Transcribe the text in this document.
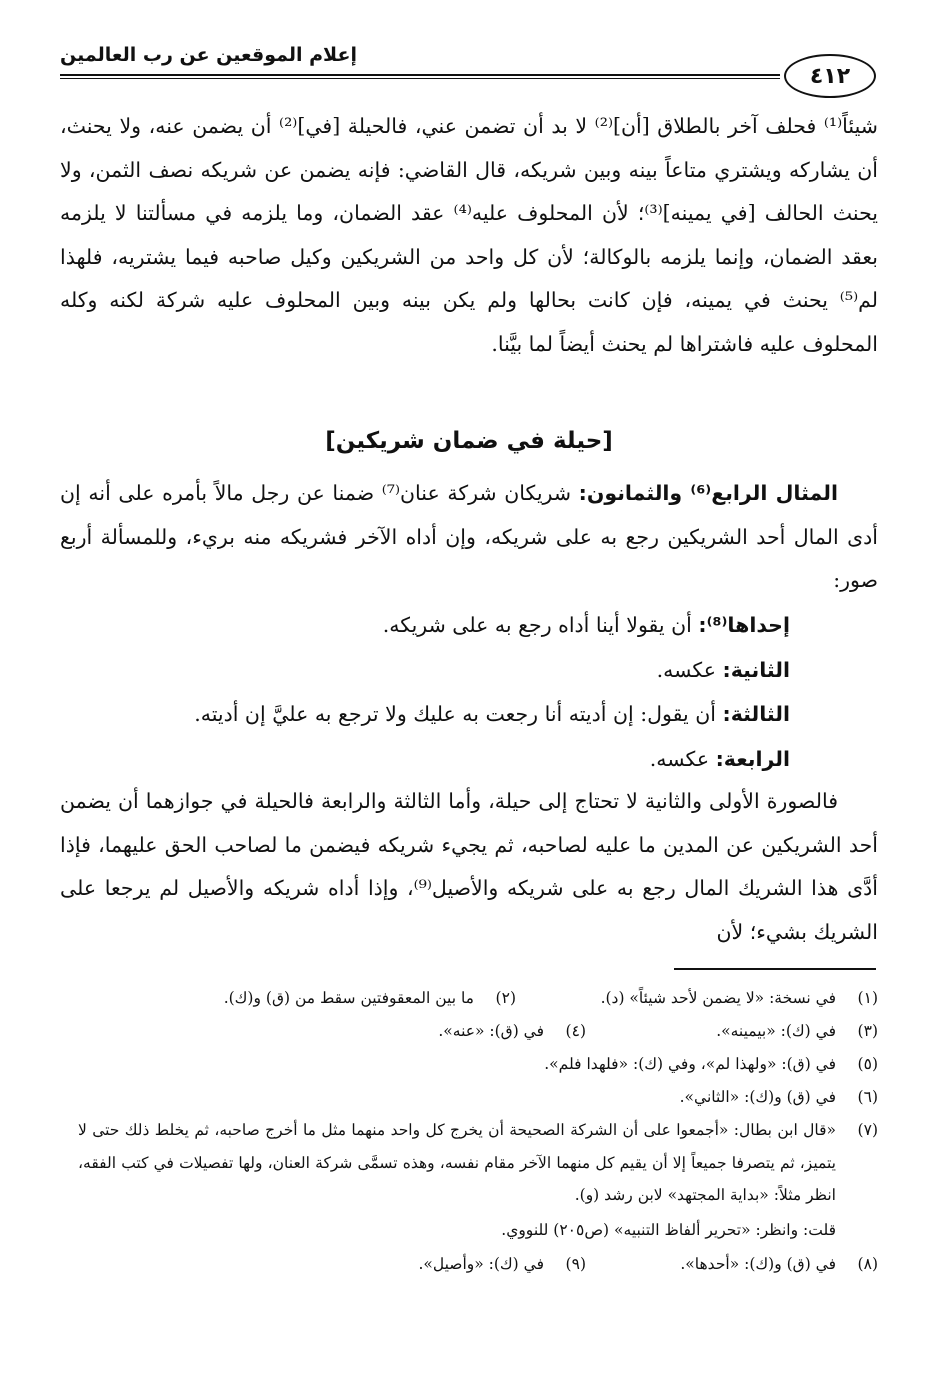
إعلام الموقعين عن رب العالمين
٤١٢
شيئاً⁽¹⁾ فحلف آخر بالطلاق [أن]⁽²⁾ لا بد أن تضمن عني، فالحيلة [في]⁽²⁾ أن يضمن عنه، ولا يحنث، أن يشاركه ويشتري متاعاً بينه وبين شريكه، قال القاضي: فإنه يضمن عن شريكه نصف الثمن، ولا يحنث الحالف [في يمينه]⁽³⁾؛ لأن المحلوف عليه⁽⁴⁾ عقد الضمان، وما يلزمه في مسألتنا لا يلزمه بعقد الضمان، وإنما يلزمه بالوكالة؛ لأن كل واحد من الشريكين وكيل صاحبه فيما يشتريه، فلهذا لم⁽⁵⁾ يحنث في يمينه، فإن كانت بحالها ولم يكن بينه وبين المحلوف عليه شركة لكنه وكله المحلوف عليه فاشتراها لم يحنث أيضاً لما بيَّنا.
[حيلة في ضمان شريكين]
المثال الرابع⁽⁶⁾ والثمانون: شريكان شركة عنان⁽⁷⁾ ضمنا عن رجل مالاً بأمره على أنه إن أدى المال أحد الشريكين رجع به على شريكه، وإن أداه الآخر فشريكه منه بريء، وللمسألة أربع صور:
إحداها⁽⁸⁾: أن يقولا أينا أداه رجع به على شريكه.
الثانية: عكسه.
الثالثة: أن يقول: إن أديته أنا رجعت به عليك ولا ترجع به عليَّ إن أديته.
الرابعة: عكسه.
فالصورة الأولى والثانية لا تحتاج إلى حيلة، وأما الثالثة والرابعة فالحيلة في جوازهما أن يضمن أحد الشريكين عن المدين ما عليه لصاحبه، ثم يجيء شريكه فيضمن ما لصاحب الحق عليهما، فإذا أدَّى هذا الشريك المال رجع به على شريكه والأصيل⁽⁹⁾، وإذا أداه شريكه والأصيل لم يرجعا على الشريك بشيء؛ لأن
(١)
في نسخة: «لا يضمن لأحد شيئاً» (د).
(٢)
ما بين المعقوفتين سقط من (ق) و(ك).
(٣)
في (ك): «بيمينه».
(٤)
في (ق): «عنه».
(٥)
في (ق): «ولهذا لم»، وفي (ك): «فلهدا فلم».
(٦)
في (ق) و(ك): «الثاني».
(٧)
«قال ابن بطال: «أجمعوا على أن الشركة الصحيحة أن يخرج كل واحد منهما مثل ما أخرج صاحبه، ثم يخلط ذلك حتى لا يتميز، ثم يتصرفا جميعاً إلا أن يقيم كل منهما الآخر مقام نفسه، وهذه تسمَّى شركة العنان، ولها تفصيلات في كتب الفقه، انظر مثلاً: «بداية المجتهد» لابن رشد (و).
قلت: وانظر: «تحرير ألفاظ التنبيه» (ص٢٠٥) للنووي.
(٨)
في (ق) و(ك): «أحدها».
(٩)
في (ك): «وأصيل».
